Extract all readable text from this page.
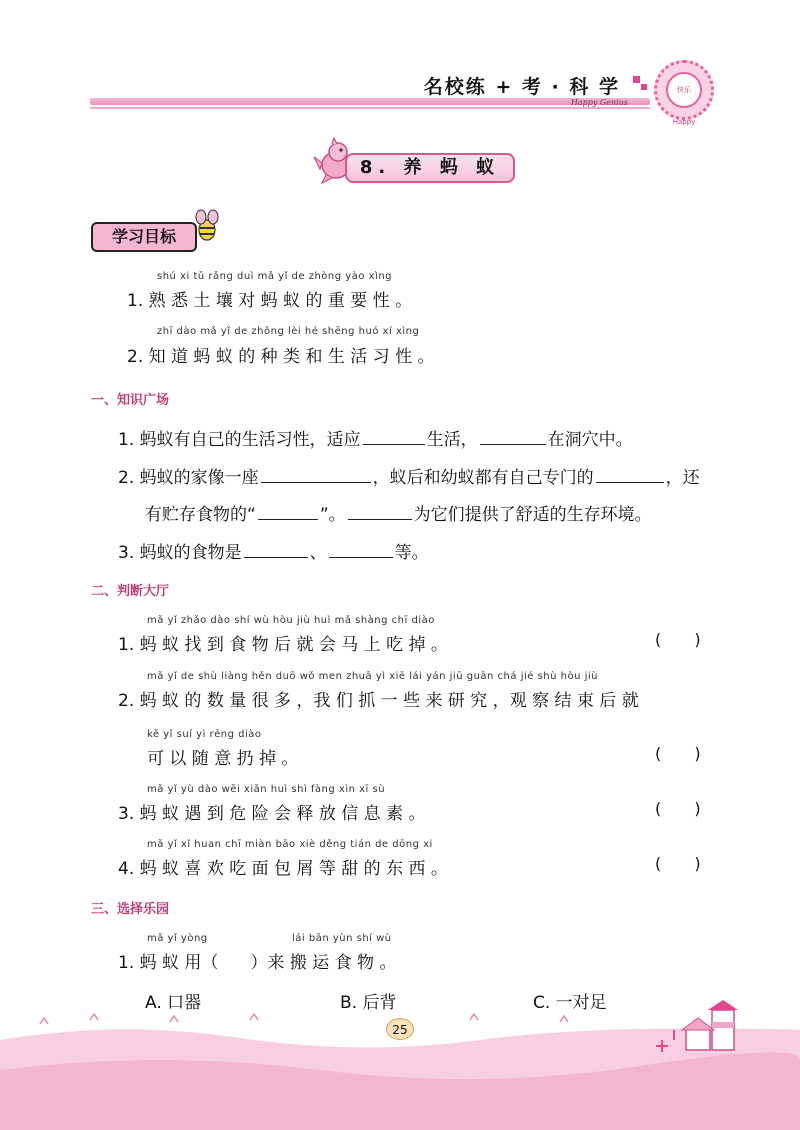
名校练 + 考 · 科 学
Happy Genius
快乐Happy
8. 养 蚂 蚁
学习目标
shú xi tǔ rǎng duì mǎ yǐ de zhòng yào xìng
1. 熟 悉 土 壤 对 蚂 蚁 的 重 要 性 。
zhī dào mǎ yǐ de zhǒng lèi hé shēng huó xí xìng
2. 知 道 蚂 蚁 的 种 类 和 生 活 习 性 。
一、知识广场
1. 蚂蚁有自己的生活习性，适应	生活，	在洞穴中。
2. 蚂蚁的家像一座	，蚁后和幼蚁都有自己专门的	，还
有贮存食物的“	”。	为它们提供了舒适的生存环境。
3. 蚂蚁的食物是	、	等。
二、判断大厅
mǎ yǐ zhǎo dào shí wù hòu jiù huì mǎ shàng chī diào
1. 蚂 蚁 找 到 食 物 后 就 会 马 上 吃 掉 。	( )
mǎ yǐ de shù liàng hěn duō wǒ men zhuā yì xiē lái yán jiū guān chá jié shù hòu jiù
2. 蚂 蚁 的 数 量 很 多 ，我 们 抓 一 些 来 研 究 ，观 察 结 束 后 就
kě yǐ suí yì rēng diào
可 以 随 意 扔 掉 。	( )
mǎ yǐ yù dào wēi xiǎn huì shì fàng xìn xī sù
3. 蚂 蚁 遇 到 危 险 会 释 放 信 息 素 。	( )
mǎ yǐ xǐ huan chī miàn bāo xiè děng tián de dōng xi
4. 蚂 蚁 喜 欢 吃 面 包 屑 等 甜 的 东 西 。	( )
三、选择乐园
mǎ yǐ yòng	lái bān yùn shí wù
1. 蚂 蚁 用（ ）来 搬 运 食 物 。
A. 口器	B. 后背	C. 一对足
25
